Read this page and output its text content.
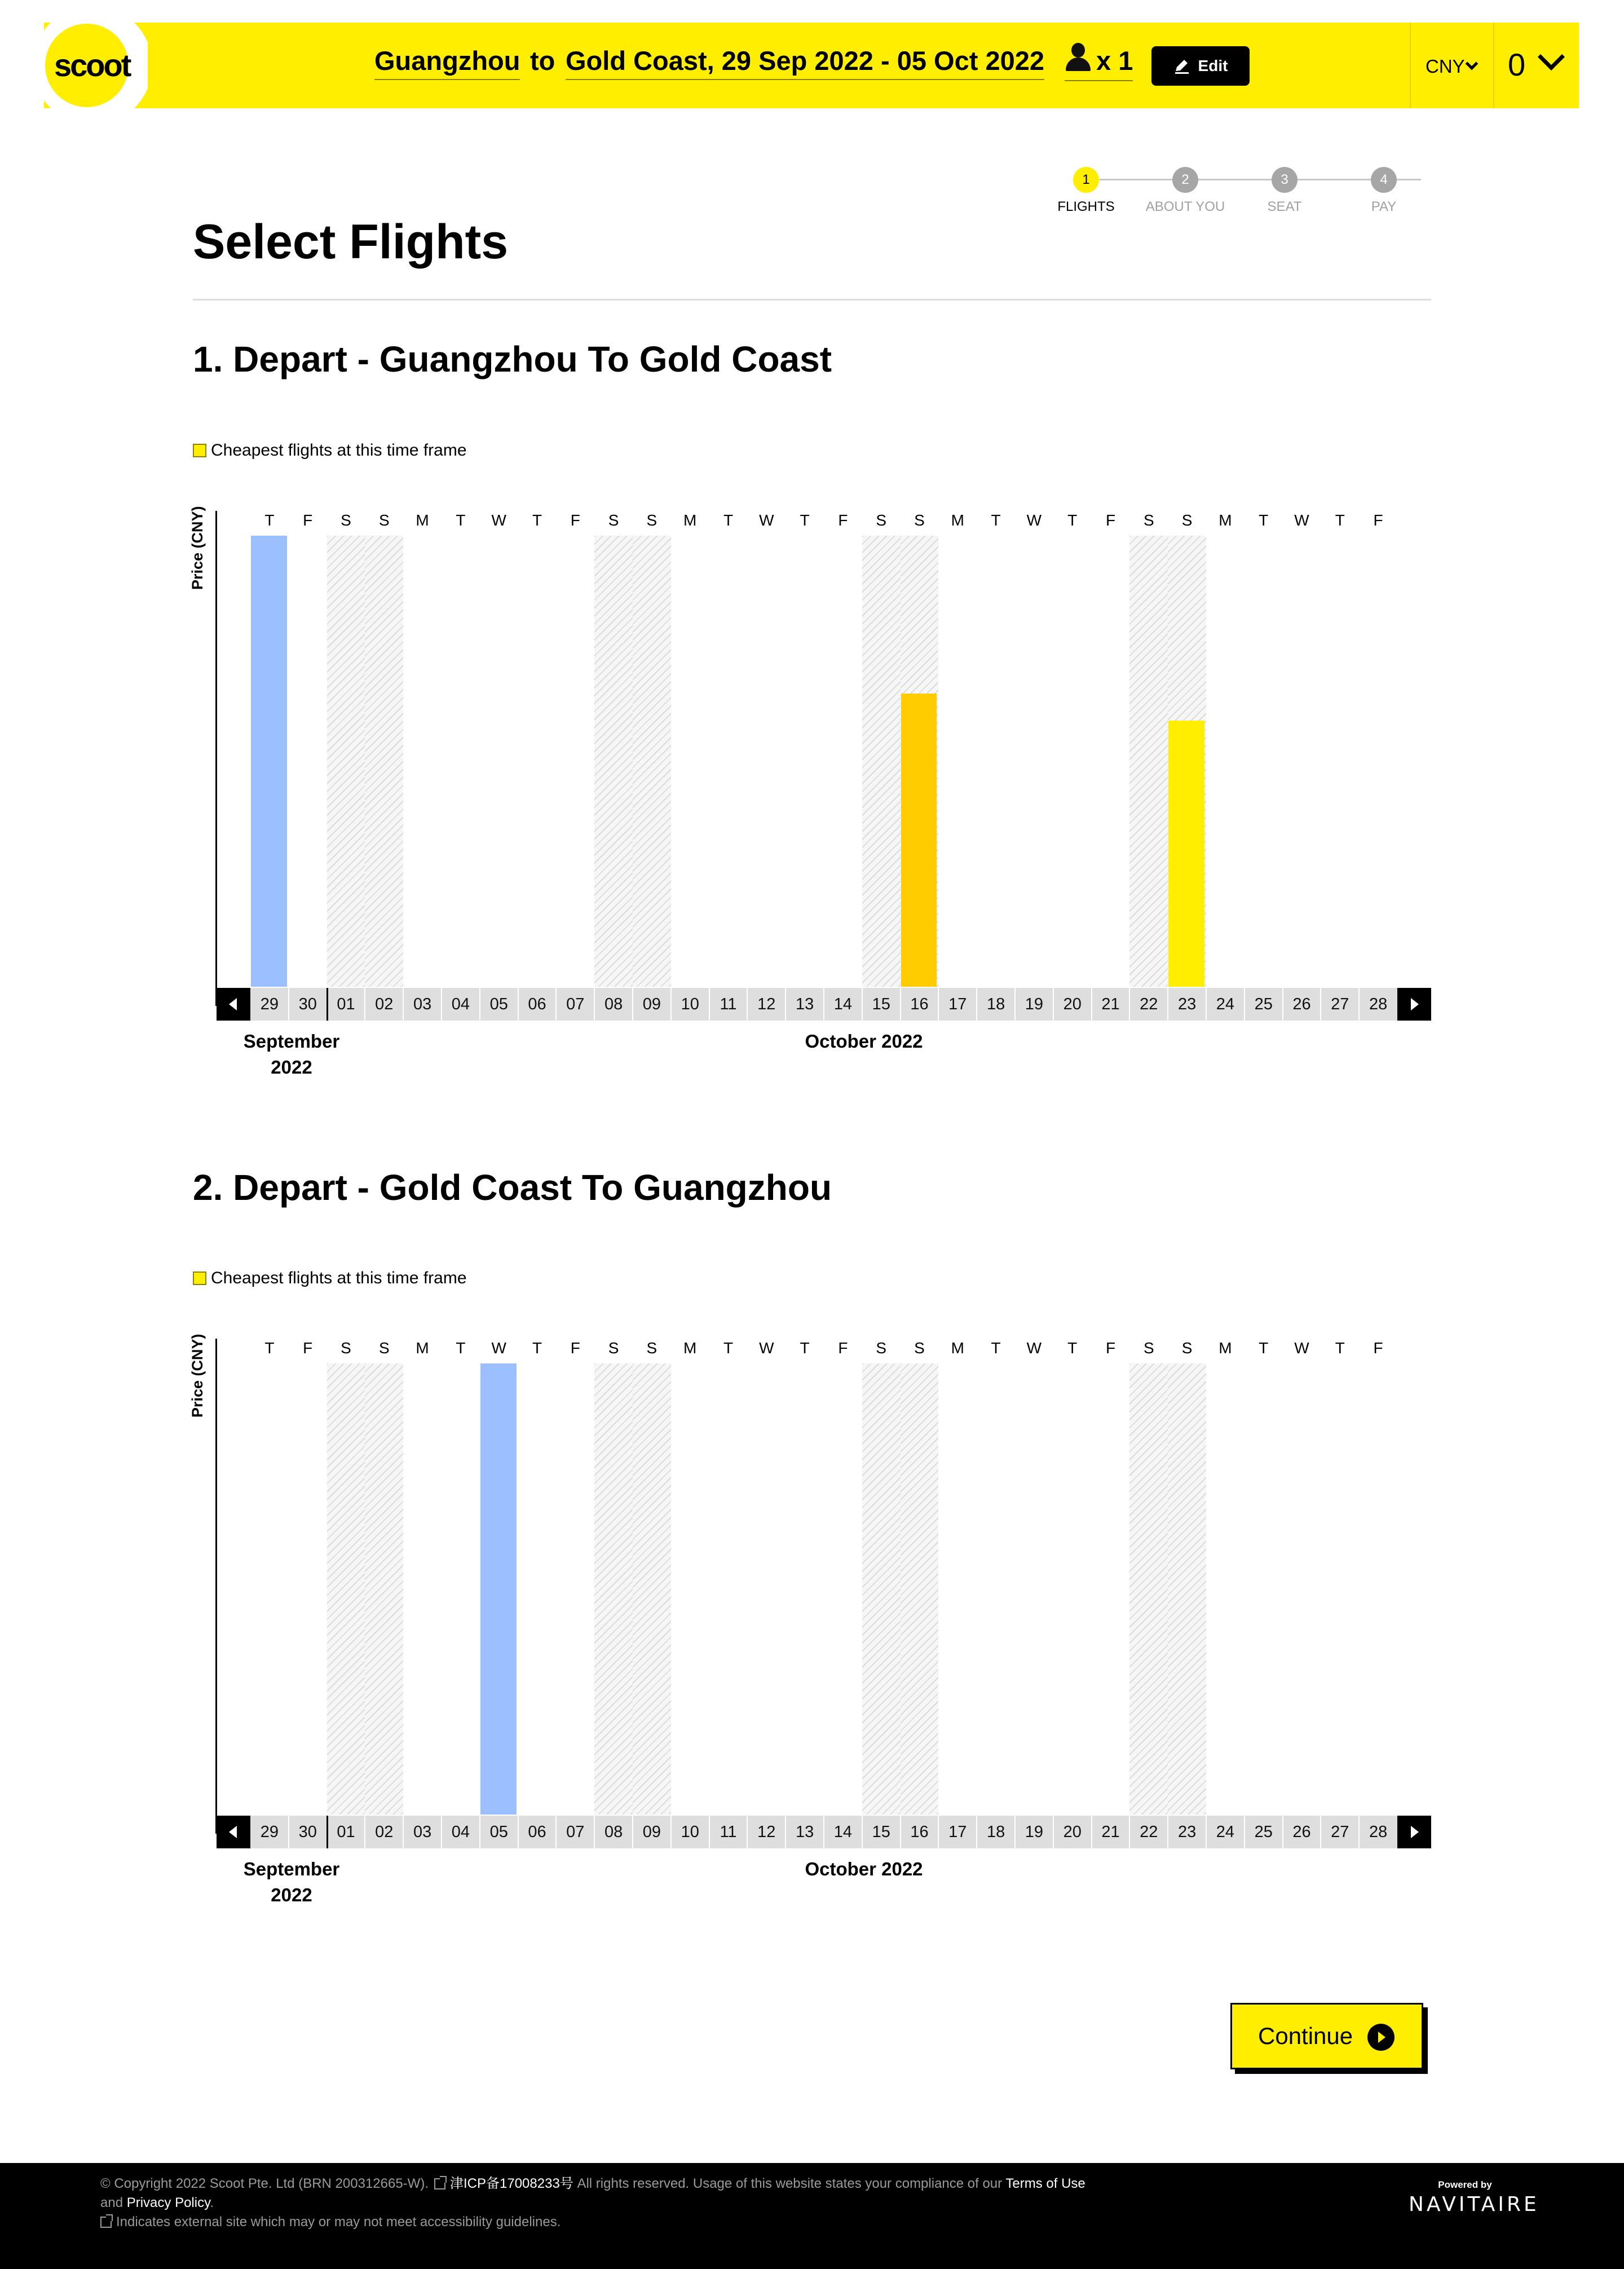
scoot	Guangzhou to Gold Coast, 29 Sep 2022 - 05 Oct 2022	x 1	Edit	CNY	0
1
FLIGHTS
2
ABOUT YOU
3
SEAT
4
PAY
Select Flights
1. Depart - Guangzhou To Gold Coast
Cheapest flights at this time frame
Price (CNY)
September
2022
October 2022
T	F	S	S	M	T	W	T	F	S	S	M	T	W	T	F	S	S	M	T	W	T	F	S	S	M	T	W	T	F
29	30	01	02	03	04	05	06	07	08	09	10	11	12	13	14	15	16	17	18	19	20	21	22	23	24	25	26	27	28
2. Depart - Gold Coast To Guangzhou
Cheapest flights at this time frame
Price (CNY)
September
2022
October 2022
T	F	S	S	M	T	W	T	F	S	S	M	T	W	T	F	S	S	M	T	W	T	F	S	S	M	T	W	T	F
29	30	01	02	03	04	05	06	07	08	09	10	11	12	13	14	15	16	17	18	19	20	21	22	23	24	25	26	27	28
Continue
© Copyright 2022 Scoot Pte. Ltd (BRN 200312665-W). 津ICP备17008233号 All rights reserved. Usage of this website states your compliance of our Terms of Use
and Privacy Policy.
Indicates external site which may or may not meet accessibility guidelines.
Powered by
NAVITAIRE
